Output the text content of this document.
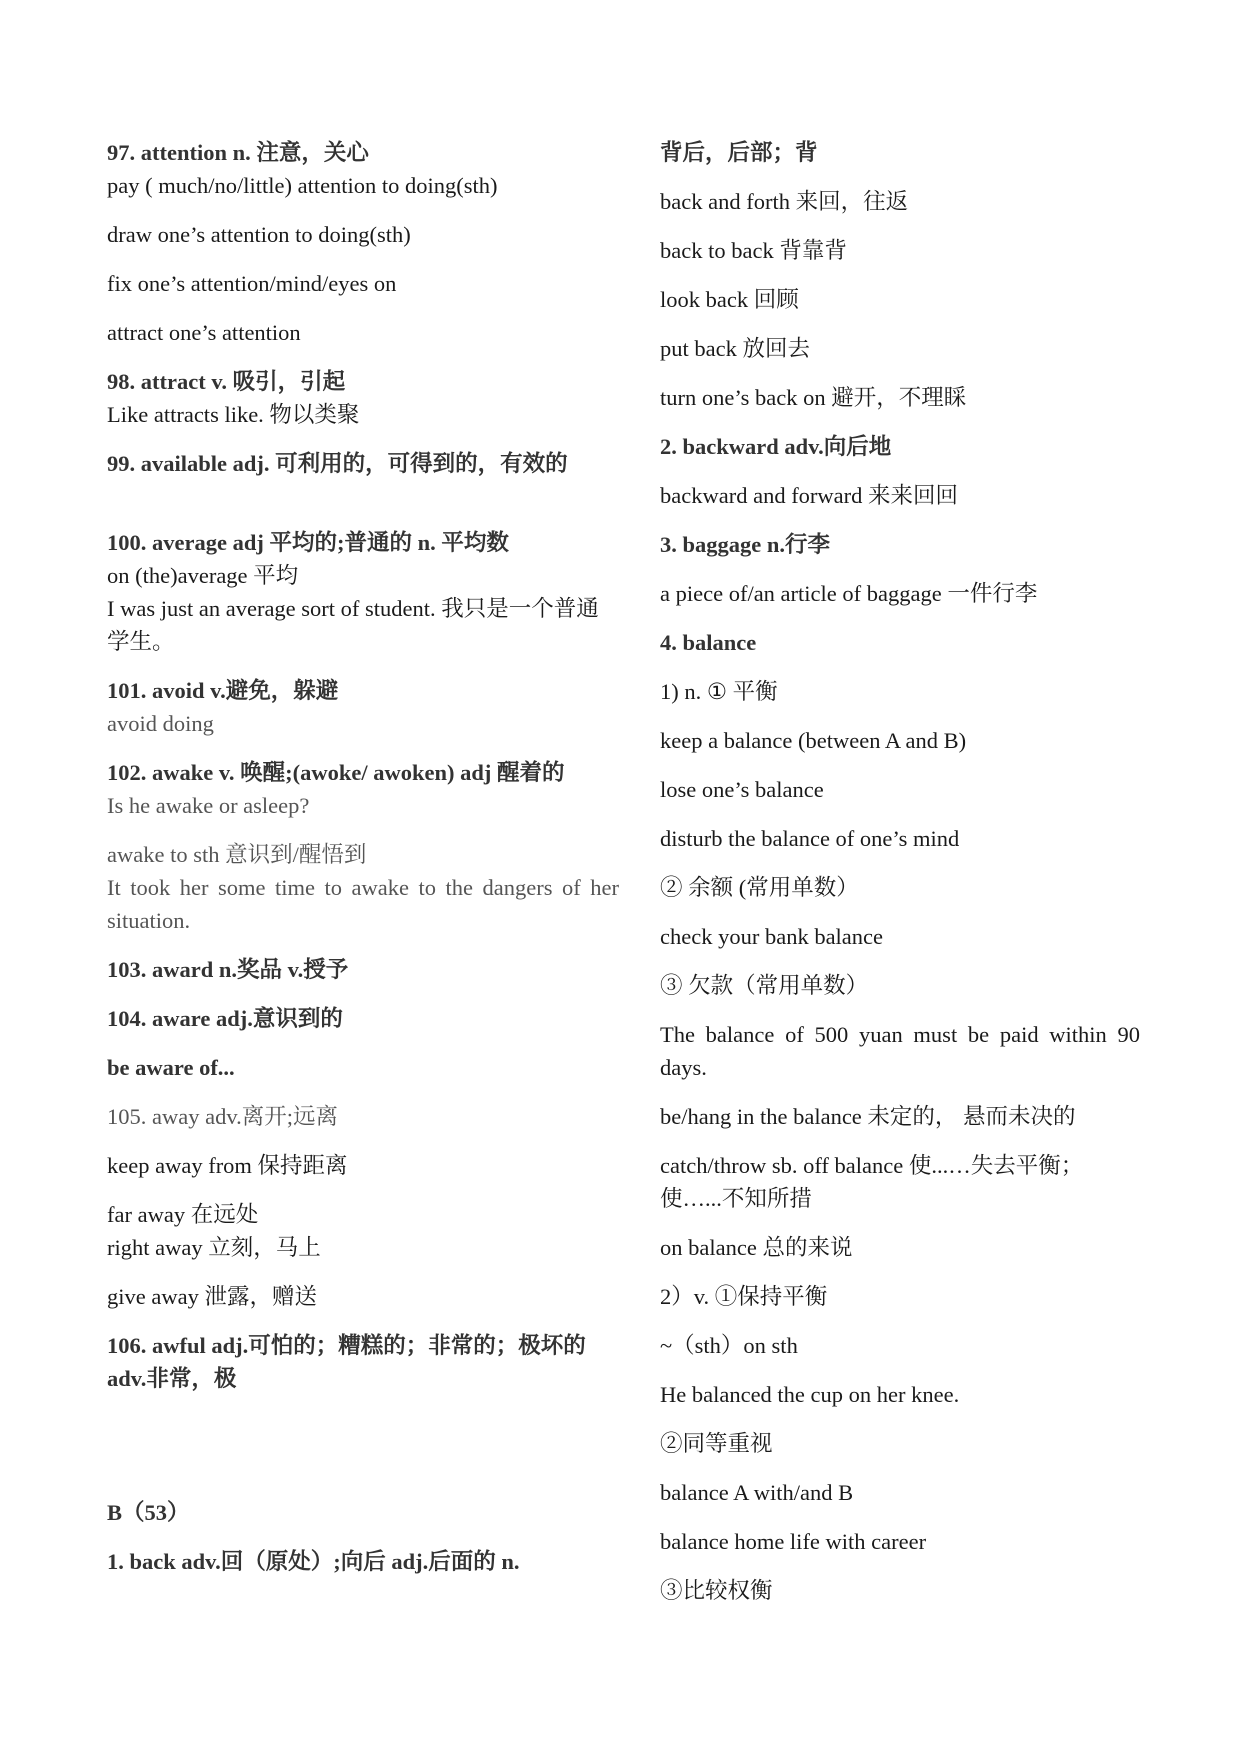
97. attention n. 注意，关心
pay ( much/no/little) attention to doing(sth)
draw one’s attention to doing(sth)
fix one’s attention/mind/eyes on
attract one’s attention
98. attract v. 吸引，引起
Like attracts like. 物以类聚
99. available adj. 可利用的，可得到的，有效的
100. average adj 平均的;普通的 n. 平均数
on (the)average 平均
I was just an average sort of student. 我只是一个普通学生。
101. avoid v.避免，躲避
avoid doing
102. awake v. 唤醒;(awoke/ awoken) adj 醒着的
Is he awake or asleep?
awake to sth 意识到/醒悟到
It took her some time to awake to the dangers of her situation.
103. award n.奖品 v.授予
104. aware adj.意识到的
be aware of...
105. away adv.离开;远离
keep away from 保持距离
far away 在远处
right away 立刻，马上
give away 泄露，赠送
106. awful adj.可怕的；糟糕的；非常的；极坏的 adv.非常，极
B（53）
1. back adv.回（原处）;向后 adj.后面的 n.
背后，后部；背
back and forth 来回，往返
back to back 背靠背
look back 回顾
put back 放回去
turn one’s back on 避开，不理睬
2. backward adv.向后地
backward and forward 来来回回
3. baggage n.行李
a piece of/an article of baggage 一件行李
4. balance
1) n. ① 平衡
keep a balance (between A and B)
lose one’s balance
disturb the balance of one’s mind
② 余额 (常用单数）
check your bank balance
③ 欠款（常用单数）
The balance of 500 yuan must be paid within 90 days.
be/hang in the balance 未定的， 悬而未决的
catch/throw sb. off balance 使...…失去平衡；使…...不知所措
on balance 总的来说
2）v. ①保持平衡
~（sth）on sth
He balanced the cup on her knee.
②同等重视
balance A with/and B
balance home life with career
③比较权衡
